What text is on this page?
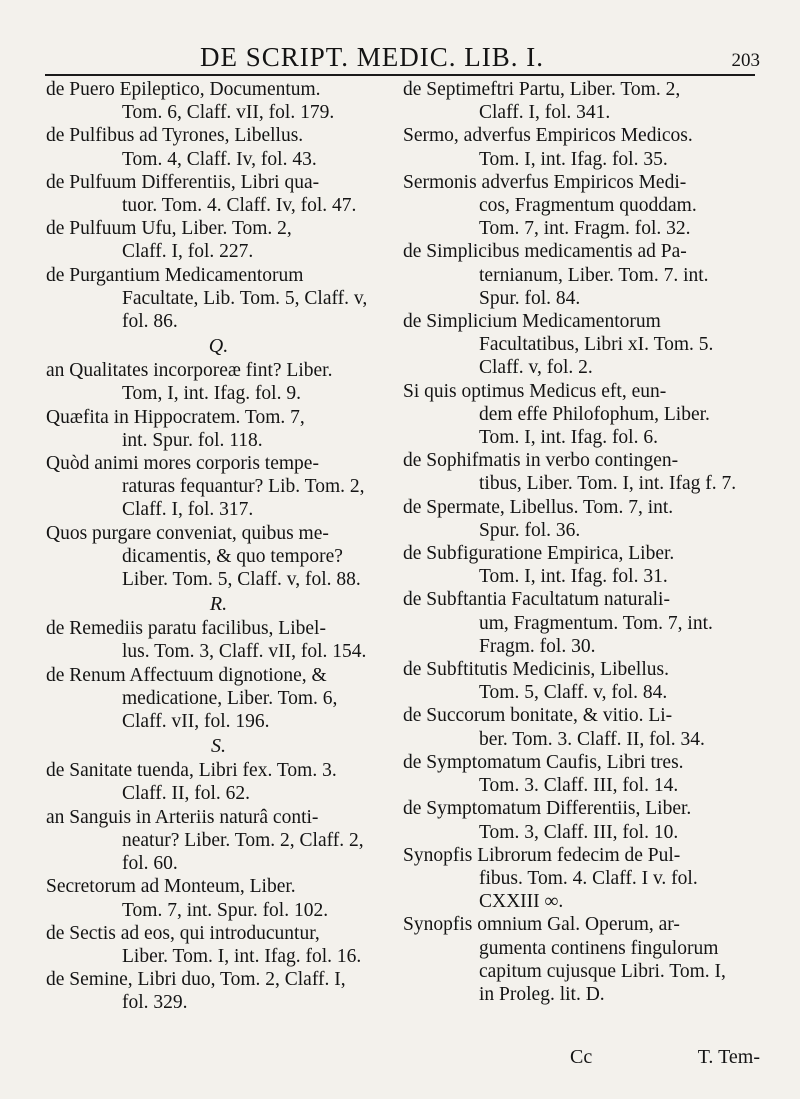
DE SCRIPT. MEDIC. LIB. I.	203

de Puero Epileptico, Documentum.
Tom. 6, Claff. vII, fol. 179.

de Pulfibus ad Tyrones, Libellus.
Tom. 4, Claff. Iv, fol. 43.

de Pulfuum Differentiis, Libri qua-
tuor. Tom. 4. Claff. Iv, fol. 47.

de Pulfuum Ufu, Liber. Tom. 2,
Claff. I, fol. 227.

de Purgantium Medicamentorum
Facultate, Lib. Tom. 5, Claff. v,
fol. 86.

Q.

an Qualitates incorporeæ fint? Liber.
Tom, I, int. Ifag. fol. 9.

Quæfita in Hippocratem. Tom. 7,
int. Spur. fol. 118.

Quòd animi mores corporis tempe-
raturas fequantur? Lib. Tom. 2,
Claff. I, fol. 317.

Quos purgare conveniat, quibus me-
dicamentis, & quo tempore?
Liber. Tom. 5, Claff. v, fol. 88.

R.

de Remediis paratu facilibus, Libel-
lus. Tom. 3, Claff. vII, fol. 154.

de Renum Affectuum dignotione, &
medicatione, Liber. Tom. 6,
Claff. vII, fol. 196.

S.

de Sanitate tuenda, Libri fex. Tom. 3.
Claff. II, fol. 62.

an Sanguis in Arteriis naturâ conti-
neatur? Liber. Tom. 2, Claff. 2,
fol. 60.

Secretorum ad Monteum, Liber.
Tom. 7, int. Spur. fol. 102.

de Sectis ad eos, qui introducuntur,
Liber. Tom. I, int. Ifag. fol. 16.

de Semine, Libri duo, Tom. 2, Claff. I,
fol. 329.

de Septimeftri Partu, Liber. Tom. 2,
Claff. I, fol. 341.

Sermo, adverfus Empiricos Medicos.
Tom. I, int. Ifag. fol. 35.

Sermonis adverfus Empiricos Medi-
cos, Fragmentum quoddam.
Tom. 7, int. Fragm. fol. 32.

de Simplicibus medicamentis ad Pa-
ternianum, Liber. Tom. 7. int.
Spur. fol. 84.

de Simplicium Medicamentorum
Facultatibus, Libri xI. Tom. 5.
Claff. v, fol. 2.

Si quis optimus Medicus eft, eun-
dem effe Philofophum, Liber.
Tom. I, int. Ifag. fol. 6.

de Sophifmatis in verbo contingen-
tibus, Liber. Tom. I, int. Ifag f. 7.

de Spermate, Libellus. Tom. 7, int.
Spur. fol. 36.

de Subfiguratione Empirica, Liber.
Tom. I, int. Ifag. fol. 31.

de Subftantia Facultatum naturali-
um, Fragmentum. Tom. 7, int.
Fragm. fol. 30.

de Subftitutis Medicinis, Libellus.
Tom. 5, Claff. v, fol. 84.

de Succorum bonitate, & vitio. Li-
ber. Tom. 3. Claff. II, fol. 34.

de Symptomatum Caufis, Libri tres.
Tom. 3. Claff. III, fol. 14.

de Symptomatum Differentiis, Liber.
Tom. 3, Claff. III, fol. 10.

Synopfis Librorum fedecim de Pul-
fibus. Tom. 4. Claff. I v. fol.
CXXIII ∞.

Synopfis omnium Gal. Operum, ar-
gumenta continens fingulorum
capitum cujusque Libri. Tom. I,
in Proleg. lit. D.

Cc	T. Tem-
